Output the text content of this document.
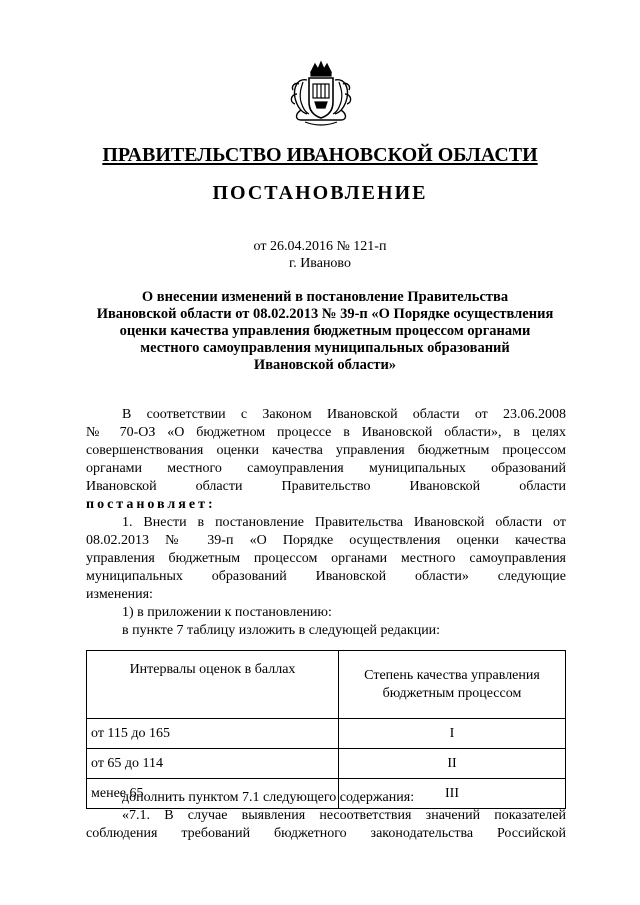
ПРАВИТЕЛЬСТВО ИВАНОВСКОЙ ОБЛАСТИ
ПОСТАНОВЛЕНИЕ
от 26.04.2016 № 121-п
г. Иваново
О внесении изменений в постановление Правительства
Ивановской области от 08.02.2013 № 39-п «О Порядке осуществления
оценки качества управления бюджетным процессом органами
местного самоуправления муниципальных образований
Ивановской области»

В соответствии с Законом Ивановской области от 23.06.2008

№ 70-ОЗ «О бюджетном процессе в Ивановской области», в целях

совершенствования оценки качества управления бюджетным процессом

органами местного самоуправления муниципальных образований

Ивановской области Правительство Ивановской области

постановляет:

1. Внести в постановление Правительства Ивановской области от

08.02.2013 № 39-п «О Порядке осуществления оценки качества

управления бюджетным процессом органами местного самоуправления

муниципальных образований Ивановской области» следующие

изменения:

1) в приложении к постановлению:

в пункте 7 таблицу изложить в следующей редакции:

Интервалы оценок в баллах	Степень качества управления бюджетным процессом
от 115 до 165	I
от 65 до 114	II
менее 65	III

дополнить пунктом 7.1 следующего содержания:

«7.1. В случае выявления несоответствия значений показателей

соблюдения требований бюджетного законодательства Российской
